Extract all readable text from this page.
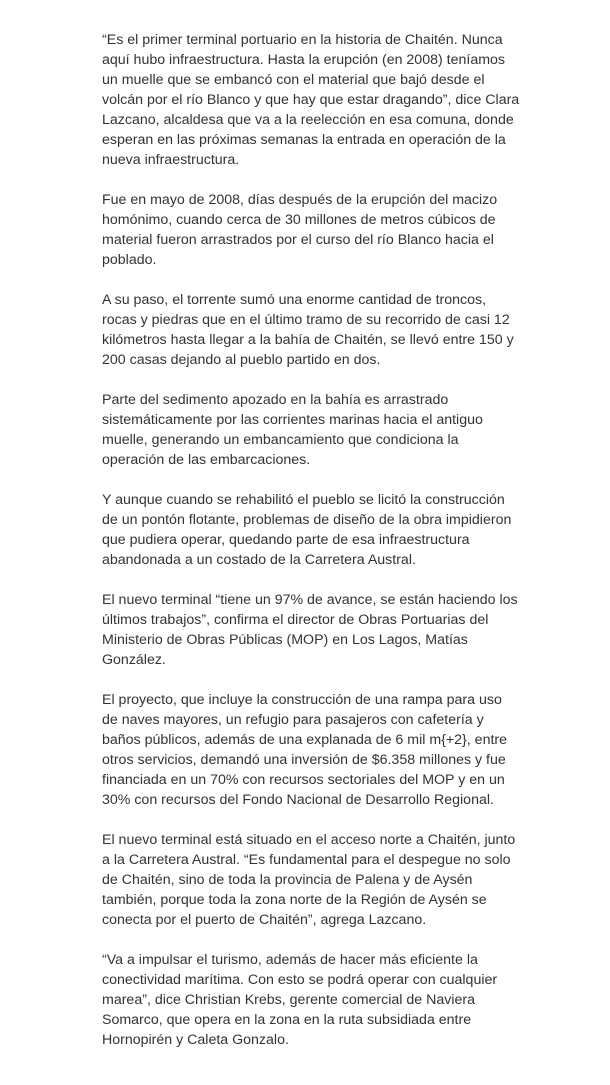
“Es el primer terminal portuario en la historia de Chaitén. Nunca aquí hubo infraestructura. Hasta la erupción (en 2008) teníamos un muelle que se embancó con el material que bajó desde el volcán por el río Blanco y que hay que estar dragando”, dice Clara Lazcano, alcaldesa que va a la reelección en esa comuna, donde esperan en las próximas semanas la entrada en operación de la nueva infraestructura.

Fue en mayo de 2008, días después de la erupción del macizo homónimo, cuando cerca de 30 millones de metros cúbicos de material fueron arrastrados por el curso del río Blanco hacia el poblado.

A su paso, el torrente sumó una enorme cantidad de troncos, rocas y piedras que en el último tramo de su recorrido de casi 12 kilómetros hasta llegar a la bahía de Chaitén, se llevó entre 150 y 200 casas dejando al pueblo partido en dos.

Parte del sedimento apozado en la bahía es arrastrado sistemáticamente por las corrientes marinas hacia el antiguo muelle, generando un embancamiento que condiciona la operación de las embarcaciones.

Y aunque cuando se rehabilitó el pueblo se licitó la construcción de un pontón flotante, problemas de diseño de la obra impidieron que pudiera operar, quedando parte de esa infraestructura abandonada a un costado de la Carretera Austral.

El nuevo terminal “tiene un 97% de avance, se están haciendo los últimos trabajos”, confirma el director de Obras Portuarias del Ministerio de Obras Públicas (MOP) en Los Lagos, Matías González.

El proyecto, que incluye la construcción de una rampa para uso de naves mayores, un refugio para pasajeros con cafetería y baños públicos, además de una explanada de 6 mil m{+2}, entre otros servicios, demandó una inversión de $6.358 millones y fue financiada en un 70% con recursos sectoriales del MOP y en un 30% con recursos del Fondo Nacional de Desarrollo Regional.

El nuevo terminal está situado en el acceso norte a Chaitén, junto a la Carretera Austral. “Es fundamental para el despegue no solo de Chaitén, sino de toda la provincia de Palena y de Aysén también, porque toda la zona norte de la Región de Aysén se conecta por el puerto de Chaitén”, agrega Lazcano.

“Va a impulsar el turismo, además de hacer más eficiente la conectividad marítima. Con esto se podrá operar con cualquier marea”, dice Christian Krebs, gerente comercial de Naviera Somarco, que opera en la zona en la ruta subsidiada entre Hornopirén y Caleta Gonzalo.
